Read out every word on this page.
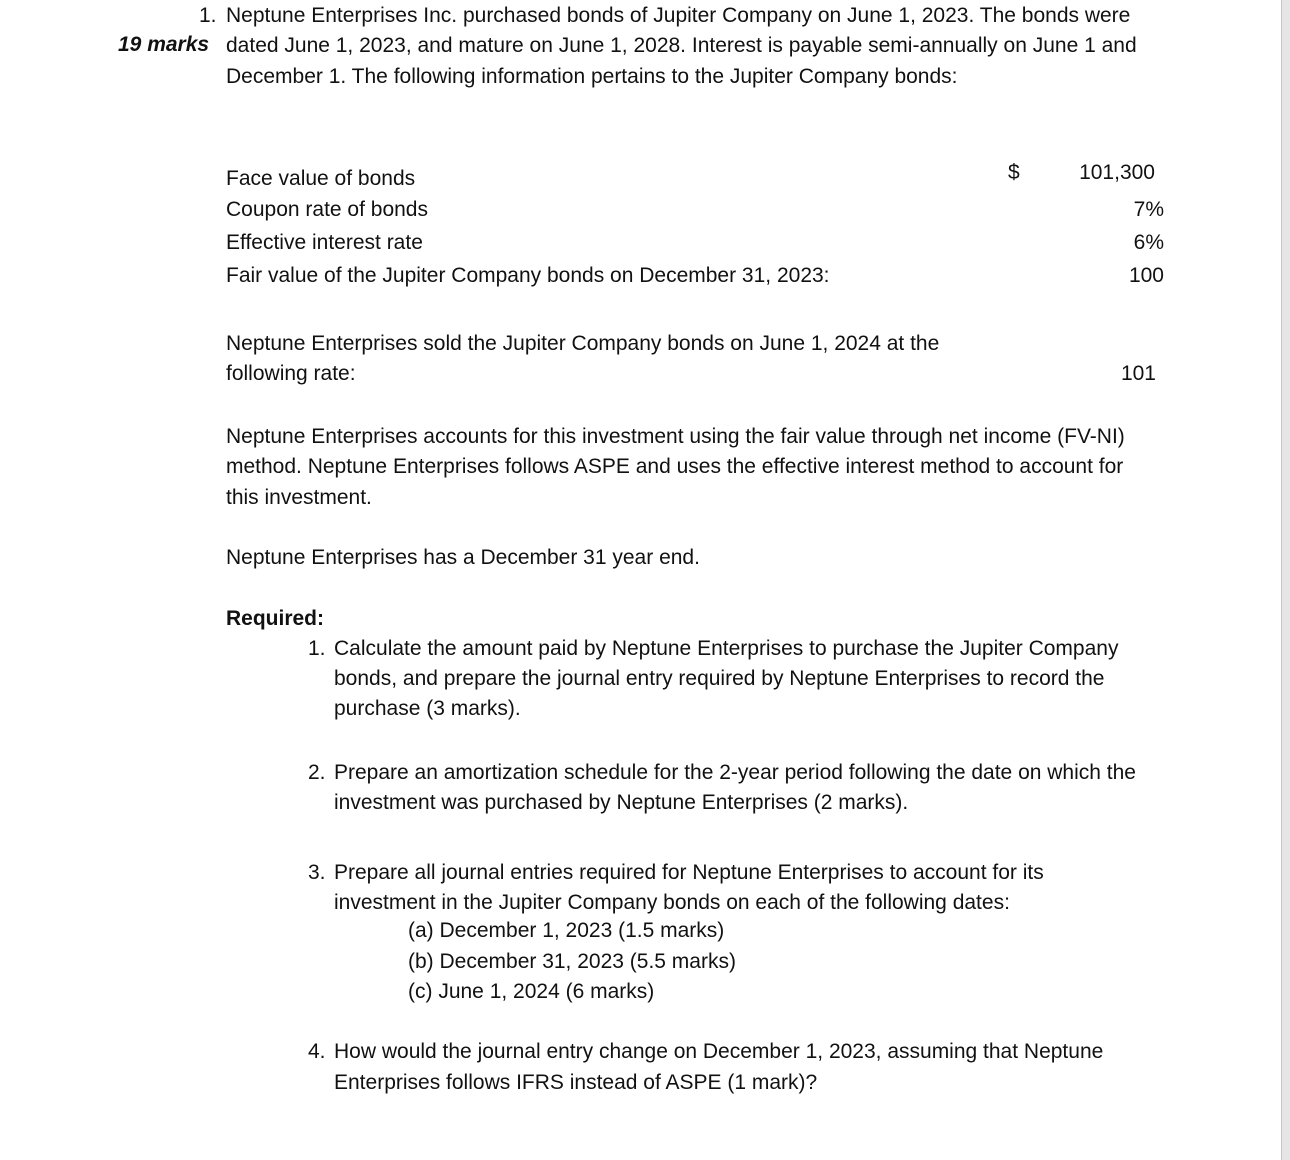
1. Neptune Enterprises Inc. purchased bonds of Jupiter Company on June 1, 2023. The bonds were
19 marks dated June 1, 2023, and mature on June 1, 2028. Interest is payable semi-annually on June 1 and
December 1. The following information pertains to the Jupiter Company bonds:
Face value of bonds	$	101,300
Coupon rate of bonds	7%
Effective interest rate	6%
Fair value of the Jupiter Company bonds on December 31, 2023:	100
Neptune Enterprises sold the Jupiter Company bonds on June 1, 2024 at the
following rate:	101
Neptune Enterprises accounts for this investment using the fair value through net income (FV-NI)
method. Neptune Enterprises follows ASPE and uses the effective interest method to account for
this investment.
Neptune Enterprises has a December 31 year end.
Required:
1. Calculate the amount paid by Neptune Enterprises to purchase the Jupiter Company
bonds, and prepare the journal entry required by Neptune Enterprises to record the
purchase (3 marks).
2. Prepare an amortization schedule for the 2-year period following the date on which the
investment was purchased by Neptune Enterprises (2 marks).
3. Prepare all journal entries required for Neptune Enterprises to account for its
investment in the Jupiter Company bonds on each of the following dates:
(a) December 1, 2023 (1.5 marks)
(b) December 31, 2023 (5.5 marks)
(c) June 1, 2024 (6 marks)
4. How would the journal entry change on December 1, 2023, assuming that Neptune
Enterprises follows IFRS instead of ASPE (1 mark)?
